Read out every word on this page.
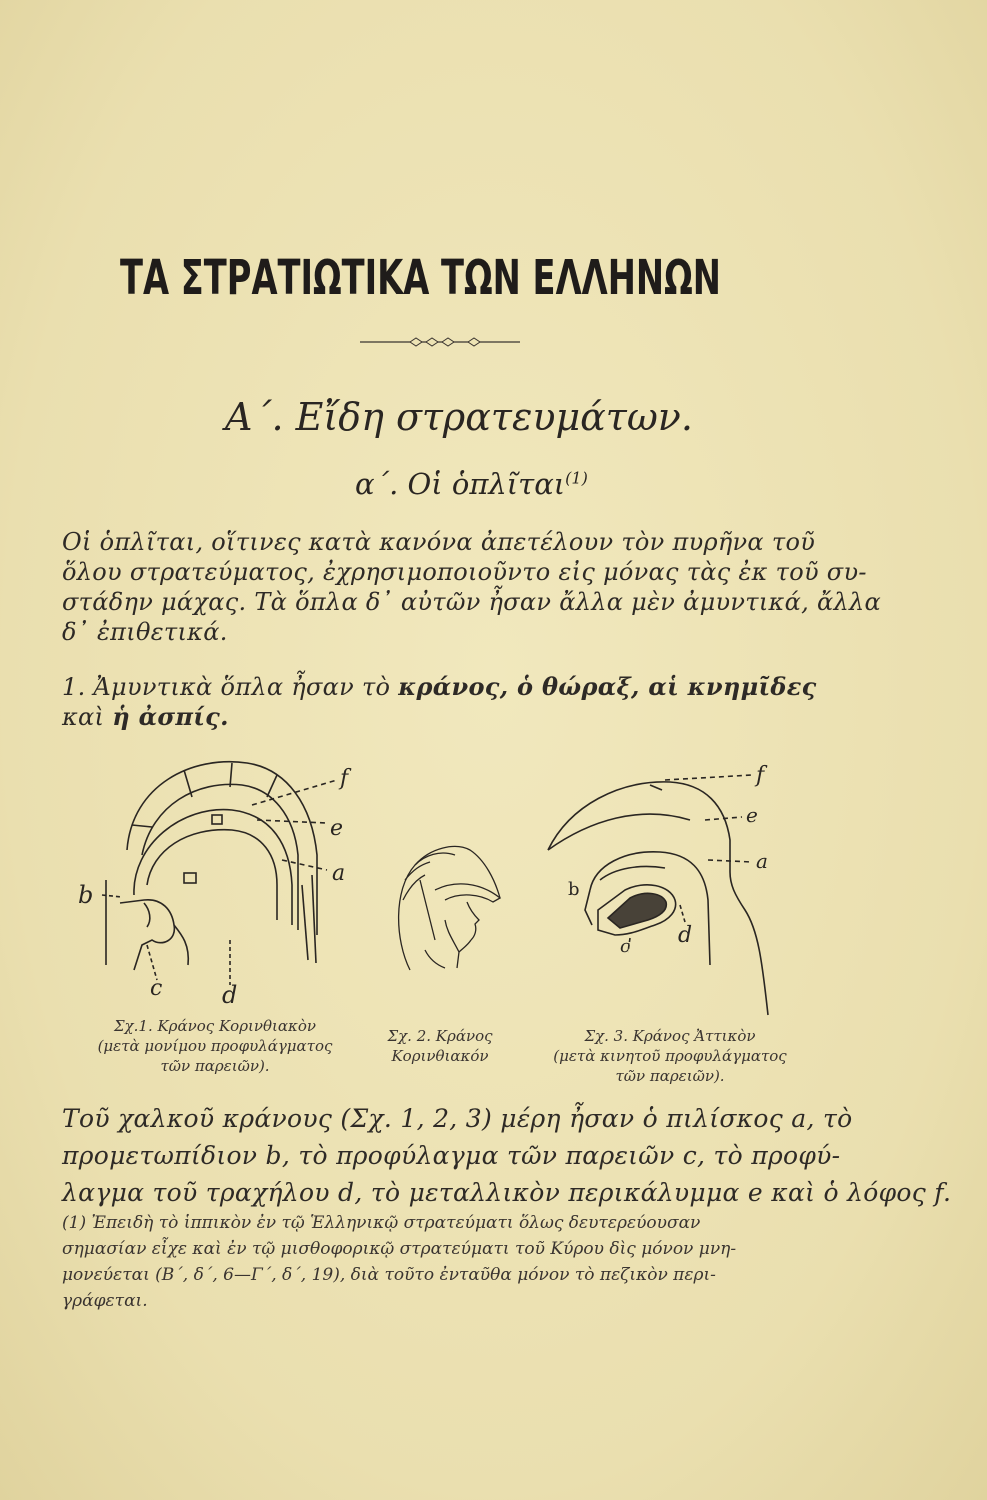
ΤΑ ΣΤΡΑΤΙΩΤΙΚΑ ΤΩΝ ΕΛΛΗΝΩΝ
Α΄. Εἴδη στρατευμάτων.
α΄. Οἱ ὁπλῖται$^{(1)}$
Οἱ ὁπλῖται, οἵτινες κατὰ κανόνα ἀπετέλουν τὸν πυρῆνα τοῦ
ὅλου στρατεύματος, ἐχρησιμοποιοῦντο εἰς μόνας τὰς ἐκ τοῦ συ-
στάδην μάχας. Τὰ ὅπλα δ᾽ αὐτῶν ἦσαν ἄλλα μὲν ἀμυντικά, ἄλλα
δ᾽ ἐπιθετικά.
1. Ἀμυντικὰ ὅπλα ἦσαν τὸ κράνος, ὁ θώραξ, αἱ κνημῖδες
καὶ ἡ ἀσπίς.
f
e
a
b
c d
f
e
a
b
c d
Σχ.1. Κράνος Κορινθιακὸν
(μετὰ μονίμου προφυλάγματος
τῶν παρειῶν).
Σχ. 2. Κράνος
Κορινθιακόν
Σχ. 3. Κράνος Ἀττικὸν
(μετὰ κινητοῦ προφυλάγματος
τῶν παρειῶν).
Τοῦ χαλκοῦ κράνους (Σχ. 1, 2, 3) μέρη ἦσαν ὁ πιλίσκος a, τὸ
προμετωπίδιον b, τὸ προφύλαγμα τῶν παρειῶν c, τὸ προφύ-
λαγμα τοῦ τραχήλου d, τὸ μεταλλικὸν περικάλυμμα e καὶ ὁ λόφος f.
(1) Ἐπειδὴ τὸ ἱππικὸν ἐν τῷ Ἑλληνικῷ στρατεύματι ὅλως δευτερεύουσαν
σημασίαν εἶχε καὶ ἐν τῷ μισθοφορικῷ στρατεύματι τοῦ Κύρου δὶς μόνον μνη-
μονεύεται (Β΄, δ΄, 6—Γ΄, δ΄, 19), διὰ τοῦτο ἐνταῦθα μόνον τὸ πεζικὸν περι-
γράφεται.
